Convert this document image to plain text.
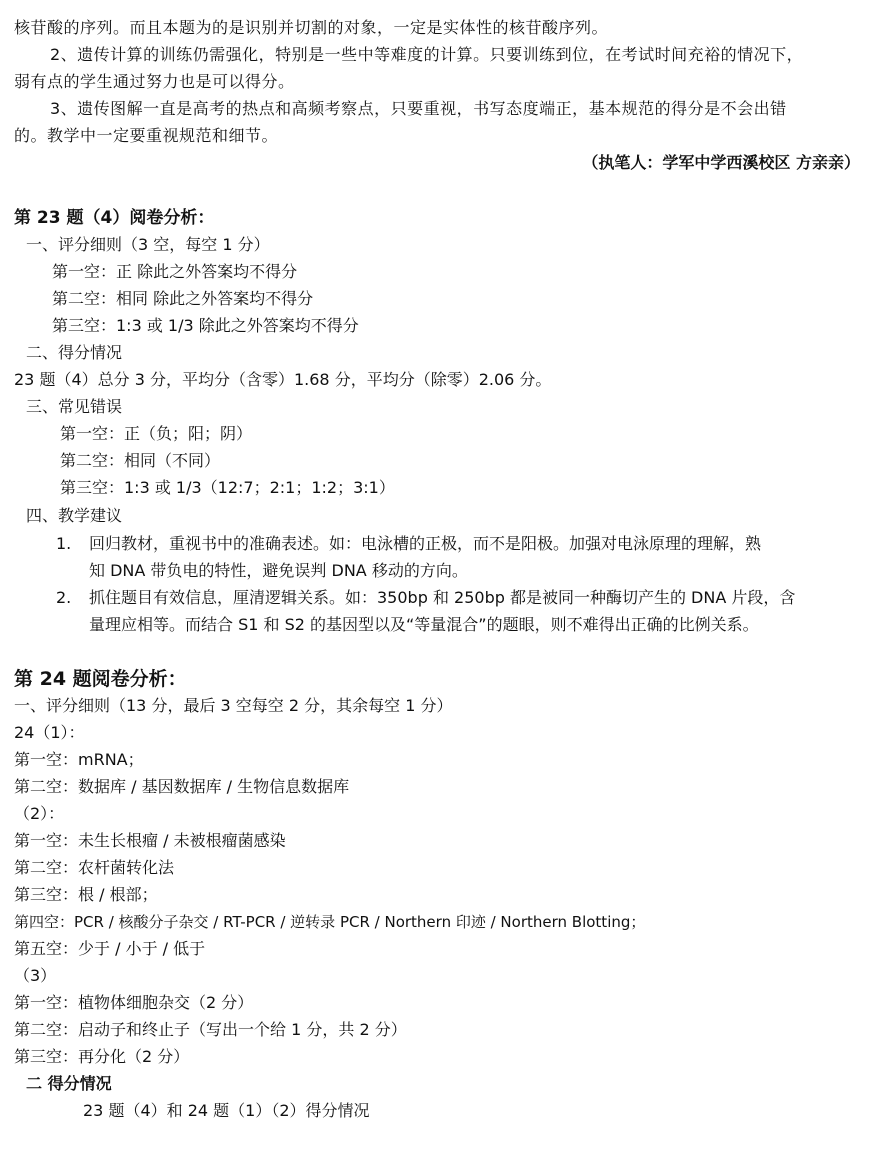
核苷酸的序列。而且本题为的是识别并切割的对象，一定是实体性的核苷酸序列。
2、遗传计算的训练仍需强化，特别是一些中等难度的计算。只要训练到位，在考试时间充裕的情况下，
弱有点的学生通过努力也是可以得分。
3、遗传图解一直是高考的热点和高频考察点，只要重视，书写态度端正，基本规范的得分是不会出错
的。教学中一定要重视规范和细节。
（执笔人：学军中学西溪校区 方亲亲）
第 23 题（4）阅卷分析：
一、评分细则（3 空，每空 1 分）
第一空：正 除此之外答案均不得分
第二空：相同 除此之外答案均不得分
第三空：1:3 或 1/3 除此之外答案均不得分
二、得分情况
23 题（4）总分 3 分，平均分（含零）1.68 分，平均分（除零）2.06 分。
三、常见错误
第一空：正（负；阳；阴）
第二空：相同（不同）
第三空：1:3 或 1/3（12:7；2:1；1:2；3:1）
四、教学建议
1. 回归教材，重视书中的准确表述。如：电泳槽的正极，而不是阳极。加强对电泳原理的理解，熟
知 DNA 带负电的特性，避免误判 DNA 移动的方向。
2. 抓住题目有效信息，厘清逻辑关系。如：350bp 和 250bp 都是被同一种酶切产生的 DNA 片段，含
量理应相等。而结合 S1 和 S2 的基因型以及“等量混合”的题眼，则不难得出正确的比例关系。
第 24 题阅卷分析：
一、评分细则（13 分，最后 3 空每空 2 分，其余每空 1 分）
24（1）：
第一空：mRNA；
第二空：数据库 / 基因数据库 / 生物信息数据库
（2）：
第一空：未生长根瘤 / 未被根瘤菌感染
第二空：农杆菌转化法
第三空：根 / 根部；
第四空：PCR / 核酸分子杂交 / RT-PCR / 逆转录 PCR / Northern 印迹 / Northern Blotting；
第五空：少于 / 小于 / 低于
（3）
第一空：植物体细胞杂交（2 分）
第二空：启动子和终止子（写出一个给 1 分，共 2 分）
第三空：再分化（2 分）
二 得分情况
23 题（4）和 24 题（1）（2）得分情况
